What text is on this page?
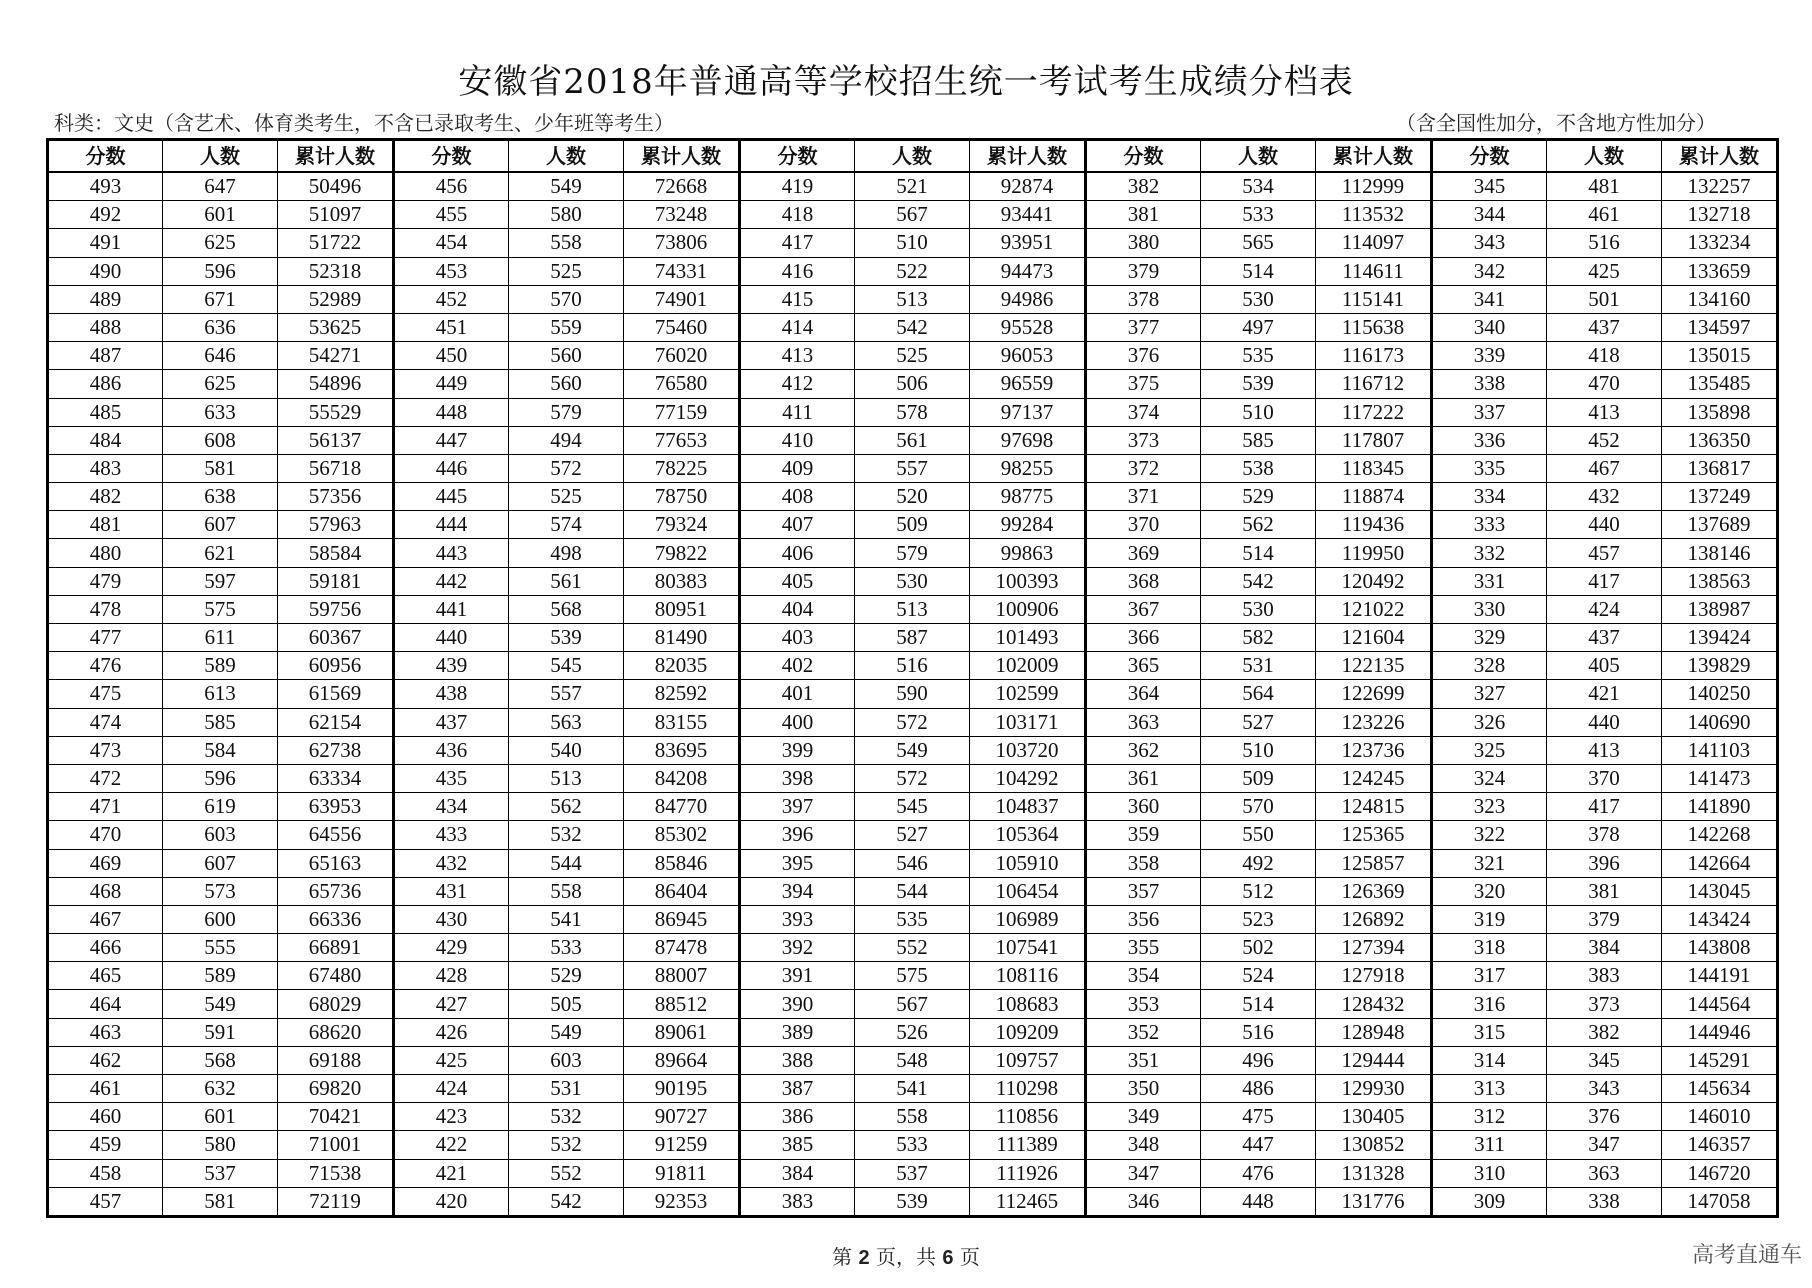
安徽省2018年普通高等学校招生统一考试考生成绩分档表
科类：文史（含艺术、体育类考生，不含已录取考生、少年班等考生）	（含全国性加分，不含地方性加分）
分数	人数	累计人数	分数	人数	累计人数	分数	人数	累计人数	分数	人数	累计人数	分数	人数	累计人数
493	647	50496	456	549	72668	419	521	92874	382	534	112999	345	481	132257
492	601	51097	455	580	73248	418	567	93441	381	533	113532	344	461	132718
491	625	51722	454	558	73806	417	510	93951	380	565	114097	343	516	133234
490	596	52318	453	525	74331	416	522	94473	379	514	114611	342	425	133659
489	671	52989	452	570	74901	415	513	94986	378	530	115141	341	501	134160
488	636	53625	451	559	75460	414	542	95528	377	497	115638	340	437	134597
487	646	54271	450	560	76020	413	525	96053	376	535	116173	339	418	135015
486	625	54896	449	560	76580	412	506	96559	375	539	116712	338	470	135485
485	633	55529	448	579	77159	411	578	97137	374	510	117222	337	413	135898
484	608	56137	447	494	77653	410	561	97698	373	585	117807	336	452	136350
483	581	56718	446	572	78225	409	557	98255	372	538	118345	335	467	136817
482	638	57356	445	525	78750	408	520	98775	371	529	118874	334	432	137249
481	607	57963	444	574	79324	407	509	99284	370	562	119436	333	440	137689
480	621	58584	443	498	79822	406	579	99863	369	514	119950	332	457	138146
479	597	59181	442	561	80383	405	530	100393	368	542	120492	331	417	138563
478	575	59756	441	568	80951	404	513	100906	367	530	121022	330	424	138987
477	611	60367	440	539	81490	403	587	101493	366	582	121604	329	437	139424
476	589	60956	439	545	82035	402	516	102009	365	531	122135	328	405	139829
475	613	61569	438	557	82592	401	590	102599	364	564	122699	327	421	140250
474	585	62154	437	563	83155	400	572	103171	363	527	123226	326	440	140690
473	584	62738	436	540	83695	399	549	103720	362	510	123736	325	413	141103
472	596	63334	435	513	84208	398	572	104292	361	509	124245	324	370	141473
471	619	63953	434	562	84770	397	545	104837	360	570	124815	323	417	141890
470	603	64556	433	532	85302	396	527	105364	359	550	125365	322	378	142268
469	607	65163	432	544	85846	395	546	105910	358	492	125857	321	396	142664
468	573	65736	431	558	86404	394	544	106454	357	512	126369	320	381	143045
467	600	66336	430	541	86945	393	535	106989	356	523	126892	319	379	143424
466	555	66891	429	533	87478	392	552	107541	355	502	127394	318	384	143808
465	589	67480	428	529	88007	391	575	108116	354	524	127918	317	383	144191
464	549	68029	427	505	88512	390	567	108683	353	514	128432	316	373	144564
463	591	68620	426	549	89061	389	526	109209	352	516	128948	315	382	144946
462	568	69188	425	603	89664	388	548	109757	351	496	129444	314	345	145291
461	632	69820	424	531	90195	387	541	110298	350	486	129930	313	343	145634
460	601	70421	423	532	90727	386	558	110856	349	475	130405	312	376	146010
459	580	71001	422	532	91259	385	533	111389	348	447	130852	311	347	146357
458	537	71538	421	552	91811	384	537	111926	347	476	131328	310	363	146720
457	581	72119	420	542	92353	383	539	112465	346	448	131776	309	338	147058
第 2 页，共 6 页	高考直通车
